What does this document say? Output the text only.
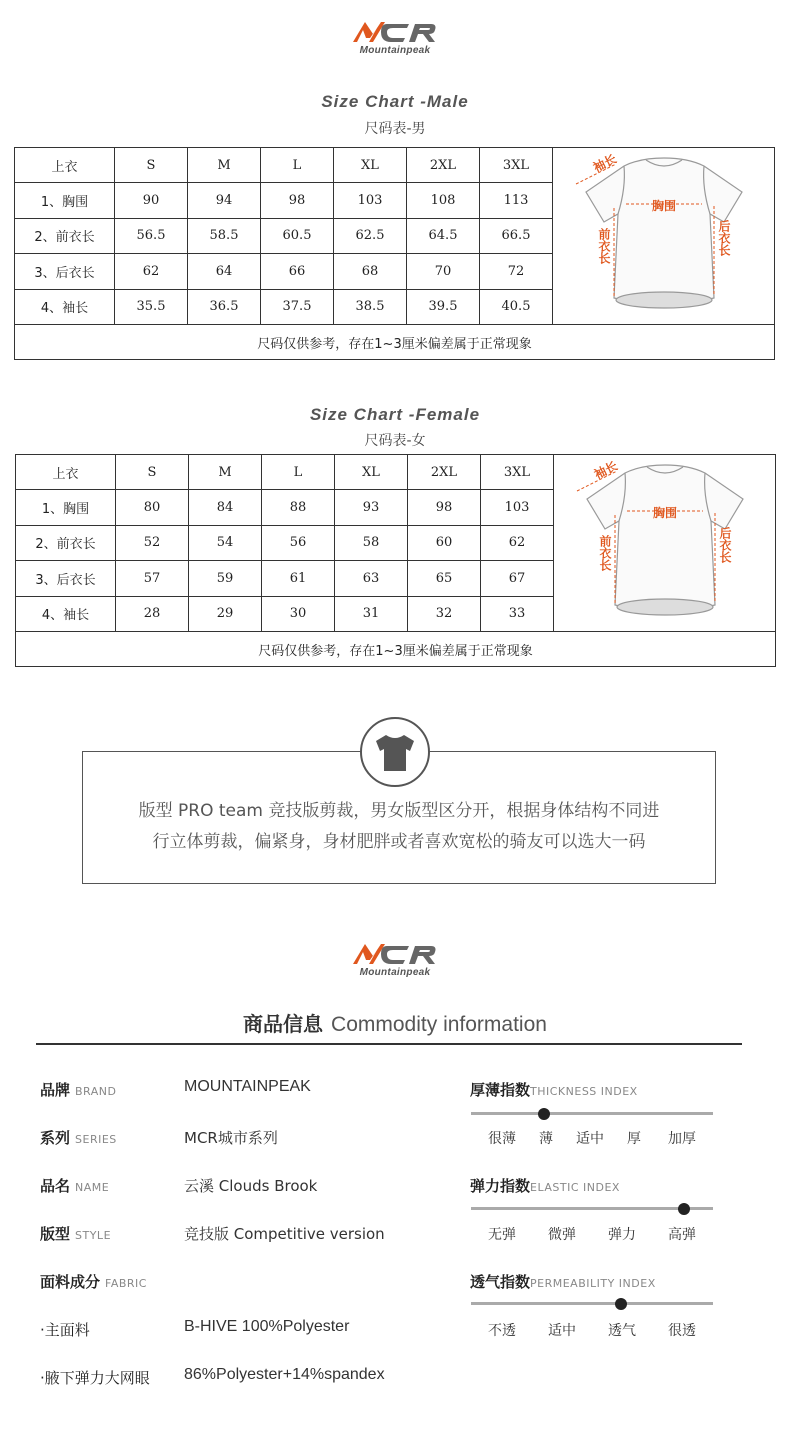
Mountainpeak
Size Chart -Male
尺码表-男
上衣	S	M	L	XL	2XL	3XL	袖长
胸围
前衣长 后衣长

1、胸围	90	94	98	103	108	113	
2、前衣长	56.5	58.5	60.5	62.5	64.5	66.5	
3、后衣长	62	64	66	68	70	72	
4、袖长	35.5	36.5	37.5	38.5	39.5	40.5	
尺码仅供参考，存在1~3厘米偏差属于正常现象							
Size Chart -Female
尺码表-女
上衣	S	M	L	XL	2XL	3XL	袖长
胸围
前衣长 后衣长

1、胸围	80	84	88	93	98	103	
2、前衣长	52	54	56	58	60	62	
3、后衣长	57	59	61	63	65	67	
4、袖长	28	29	30	31	32	33	
尺码仅供参考，存在1~3厘米偏差属于正常现象							
版型 PRO team 竞技版剪裁，男女版型区分开，根据身体结构不同进
行立体剪裁，偏紧身，身材肥胖或者喜欢宽松的骑友可以选大一码
Mountainpeak
商品信息 Commodity information
品牌 BRAND	MOUNTAINPEAK
系列 SERIES	MCR城市系列
品名 NAME	云溪 Clouds Brook
版型 STYLE	竞技版 Competitive version
面料成分 FABRIC
·主面料	B-HIVE 100%Polyester
·腋下弹力大网眼 86%Polyester+14%spandex
厚薄指数THICKNESS INDEX
很薄	薄	适中	厚	加厚
弹力指数ELASTIC INDEX
无弹	微弹	弹力	高弹
透气指数PERMEABILITY INDEX
不透	适中	透气	很透
